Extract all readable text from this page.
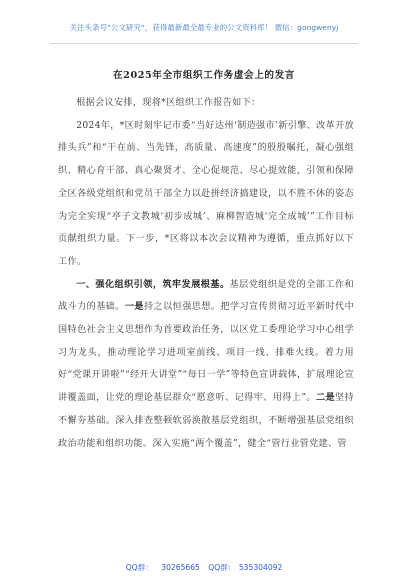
关注头条号“公文研究”，获得最新最全最专业的公文资料库！ 微信：gongwenyj
在2025年全市组织工作务虚会上的发言

根据会议安排，现将*区组织工作报告如下：

2024年，*区时刻牢记市委“当好达州‘制造强市’新引擎、改革开放排头兵”和“干在前、当先锋，高质量、高速度”的殷殷嘱托，凝心强组织、精心育干部、真心聚贤才、全心促规范、尽心提效能，引领和保障全区各级党组织和党员干部全力以赴拼经济搞建设，以不胜不休的姿态为完全实现“亭子文教城‘初步成城’、麻柳智造城‘完全成城’”工作目标贡献组织力量。下一步，*区将以本次会议精神为遵循，重点抓好以下工作。

一、强化组织引领，筑牢发展根基。基层党组织是党的全部工作和战斗力的基础。一是持之以恒强思想。把学习宣传贯彻习近平新时代中国特色社会主义思想作为首要政治任务，以区党工委理论学习中心组学习为龙头，推动理论学习进项室前线、项目一线、排难火线。着力用好“党课开讲啦”“经开大讲堂”“每日一学”等特色宣讲载体，扩展理论宣讲覆盖面，让党的理论基层群众“愿意听、记得牢、用得上”。二是坚持不懈夯基础。深入排查整顿软弱涣散基层党组织，不断增强基层党组织政治功能和组织功能。深入实施“两个覆盖”，健全“管行业管党建、管

QQ群： 30265665 QQ群: 535304092
